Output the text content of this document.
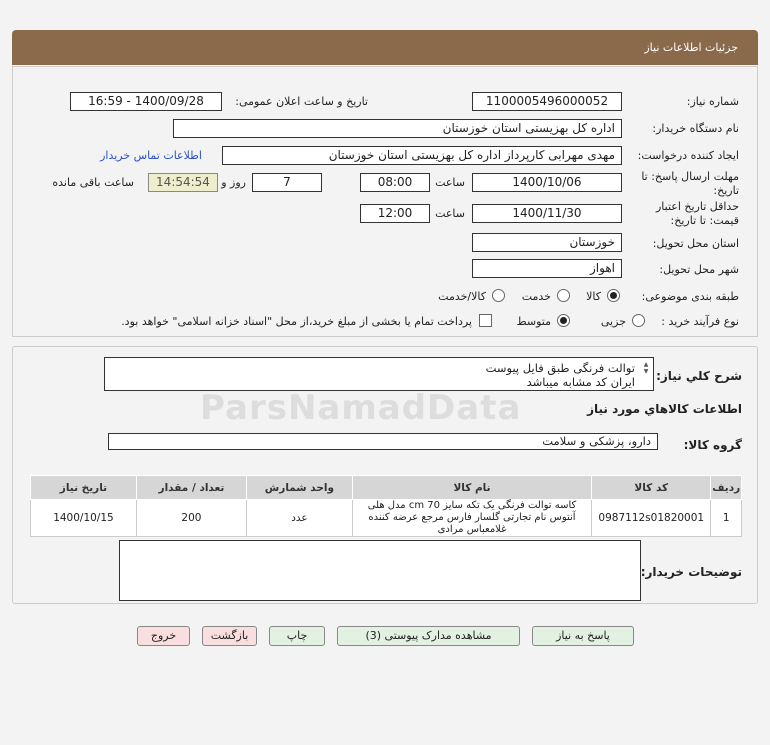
جزئیات اطلاعات نیاز
شماره نیاز:
1100005496000052
تاریخ و ساعت اعلان عمومی:
1400/09/28 - 16:59
نام دستگاه خریدار:
اداره کل بهزیستی استان خوزستان
ایجاد کننده درخواست:
مهدی مهرابی کارپرداز اداره کل بهزیستی استان خوزستان
اطلاعات تماس خریدار
مهلت ارسال پاسخ: تا
تاریخ:
1400/10/06
ساعت
08:00
7
روز و
14:54:54
ساعت باقی مانده
حداقل تاریخ اعتبار
قیمت: تا تاریخ:
1400/11/30
ساعت
12:00
استان محل تحویل:
خوزستان
شهر محل تحویل:
اهواز
طبقه بندی موضوعی:
کالا
خدمت
کالا/خدمت
نوع فرآیند خرید :
جزیی
متوسط
پرداخت تمام یا بخشی از مبلغ خرید،از محل "اسناد خزانه اسلامی" خواهد بود.
شرح کلي نياز:
توالت فرنگی طبق فایل پیوست
ایران کد مشابه میباشد
▲
▼
اطلاعات کالاهاي مورد نياز
گروه کالا:
دارو، پزشکی و سلامت
ردیف	کد کالا	نام کالا	واحد شمارش	تعداد / مقدار	تاریخ نیاز
1	0987112s01820001	کاسه توالت فرنگی یک تکه سایز cm 70 مدل هلی آنتوس نام تجارتی گلسار فارس مرجع عرضه کننده غلامعباس مرادی	عدد	200	1400/10/15
توضیحات خریدار:
ParsNamadData
پاسخ به نیاز
مشاهده مدارک پیوستی (3)
چاپ
بازگشت
خروج
